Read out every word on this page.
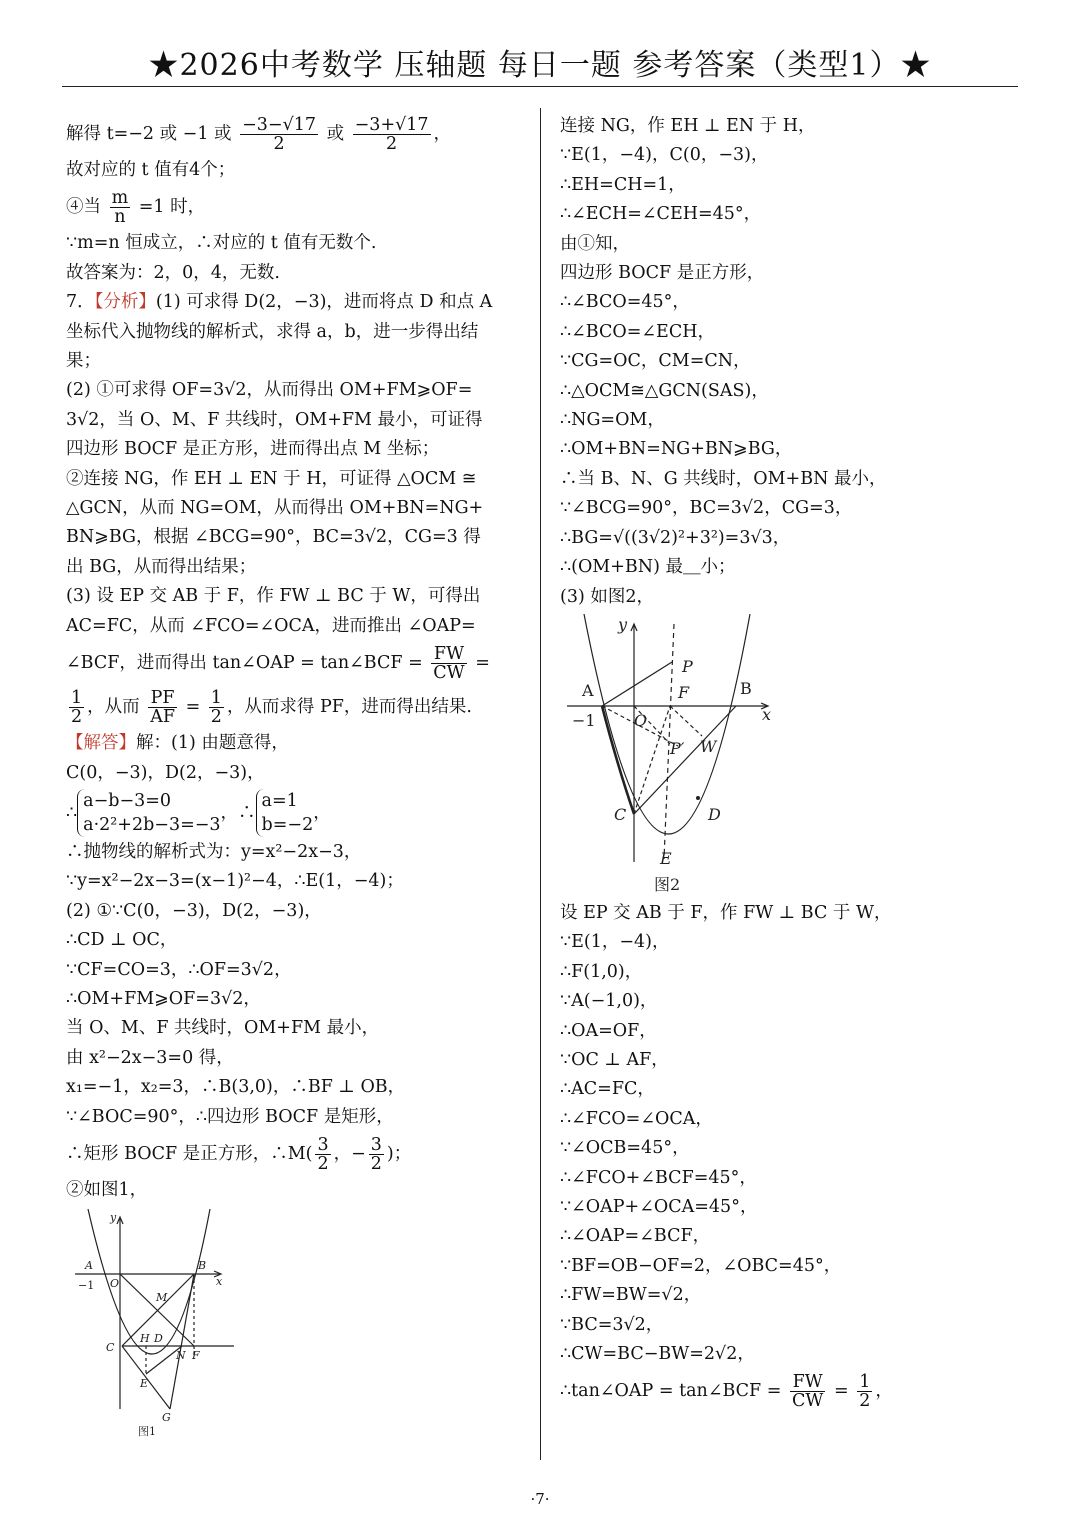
★2026中考数学 压轴题 每日一题 参考答案（类型1）★
解得 t=−2 或 −1 或 $\frac{-3-√17}{2}$ 或 $\frac{-3+√17}{2}$ ，
故对应的 t 值有4个；
④当 $\frac{m}{n} =1$ 时，
∵m=n 恒成立，∴对应的 t 值有无数个.
故答案为：2，0，4，无数.
7．【分析】(1) 可求得 D(2，−3)，进而将点 D 和点 A
坐标代入抛物线的解析式，求得 a，b，进一步得出结
果；
(2) ①可求得 OF=3√2，从而得出 OM+FM⩾OF=
3√2，当 O、M、F 共线时，OM+FM 最小，可证得
四边形 BOCF 是正方形，进而得出点 M 坐标；
②连接 NG，作 EH ⊥ EN 于 H，可证得 △OCM ≅
△GCN，从而 NG=OM，从而得出 OM+BN=NG+
BN⩾BG，根据 ∠BCG=90°，BC=3√2，CG=3 得
出 BG，从而得出结果；
(3) 设 EP 交 AB 于 F，作 FW ⊥ BC 于 W，可得出
AC=FC，从而 ∠FCO=∠OCA，进而推出 ∠OAP=
∠BCF，进而得出 tan∠OAP = tan∠BCF = $\frac{FW}{CW}$ =
$\frac{1}{2}$ ，从而 $\frac{PF}{AF} = \frac{1}{2}$ ，从而求得 PF，进而得出结果.
【解答】解：(1) 由题意得，
C(0，−3)，D(2，−3)，
∴
a−b−3=0
a·2²+2b−3=−3
，∴
a=1
b=−2
，
∴抛物线的解析式为：y=x²−2x−3，
∵y=x²−2x−3=(x−1)²−4，∴E(1，−4)；
(2) ①∵C(0，−3)，D(2，−3)，
∴CD ⊥ OC，
∵CF=CO=3，∴OF=3√2，
∴OM+FM⩾OF=3√2，
当 O、M、F 共线时，OM+FM 最小，
由 x²−2x−3=0 得，
x₁=−1，x₂=3，∴B(3,0)，∴BF ⊥ OB，
∵∠BOC=90°，∴四边形 BOCF 是矩形，
∴矩形 BOCF 是正方形，∴M( $\frac{3}{2}$ ，− $\frac{3}{2}$ )；
②如图1，
y
x
A
−1 O
B
M
H D
C
N F
E
G
图1
连接 NG，作 EH ⊥ EN 于 H，
∵E(1，−4)，C(0，−3)，
∴EH=CH=1，
∴∠ECH=∠CEH=45°，
由①知，
四边形 BOCF 是正方形，
∴∠BCO=45°，
∴∠BCO=∠ECH，
∵CG=OC，CM=CN，
∴△OCM≅△GCN(SAS)，
∴NG=OM，
∴OM+BN=NG+BN⩾BG，
∴当 B、N、G 共线时，OM+BN 最小，
∵∠BCG=90°，BC=3√2，CG=3，
∴BG=√((3√2)²+3²)=3√3，
∴(OM+BN) 最＿小；
(3) 如图2，
y
x
A
−1 O
P
F	B
P′ W
C	D
E
图2
设 EP 交 AB 于 F，作 FW ⊥ BC 于 W，
∵E(1，−4)，
∴F(1,0)，
∵A(−1,0)，
∴OA=OF，
∵OC ⊥ AF，
∴AC=FC，
∴∠FCO=∠OCA，
∵∠OCB=45°，
∴∠FCO+∠BCF=45°，
∵∠OAP+∠OCA=45°，
∴∠OAP=∠BCF，
∵BF=OB−OF=2，∠OBC=45°，
∴FW=BW=√2，
∵BC=3√2，
∴CW=BC−BW=2√2，
∴tan∠OAP = tan∠BCF = $\frac{FW}{CW} = \frac{1}{2}$ ，
·7·
